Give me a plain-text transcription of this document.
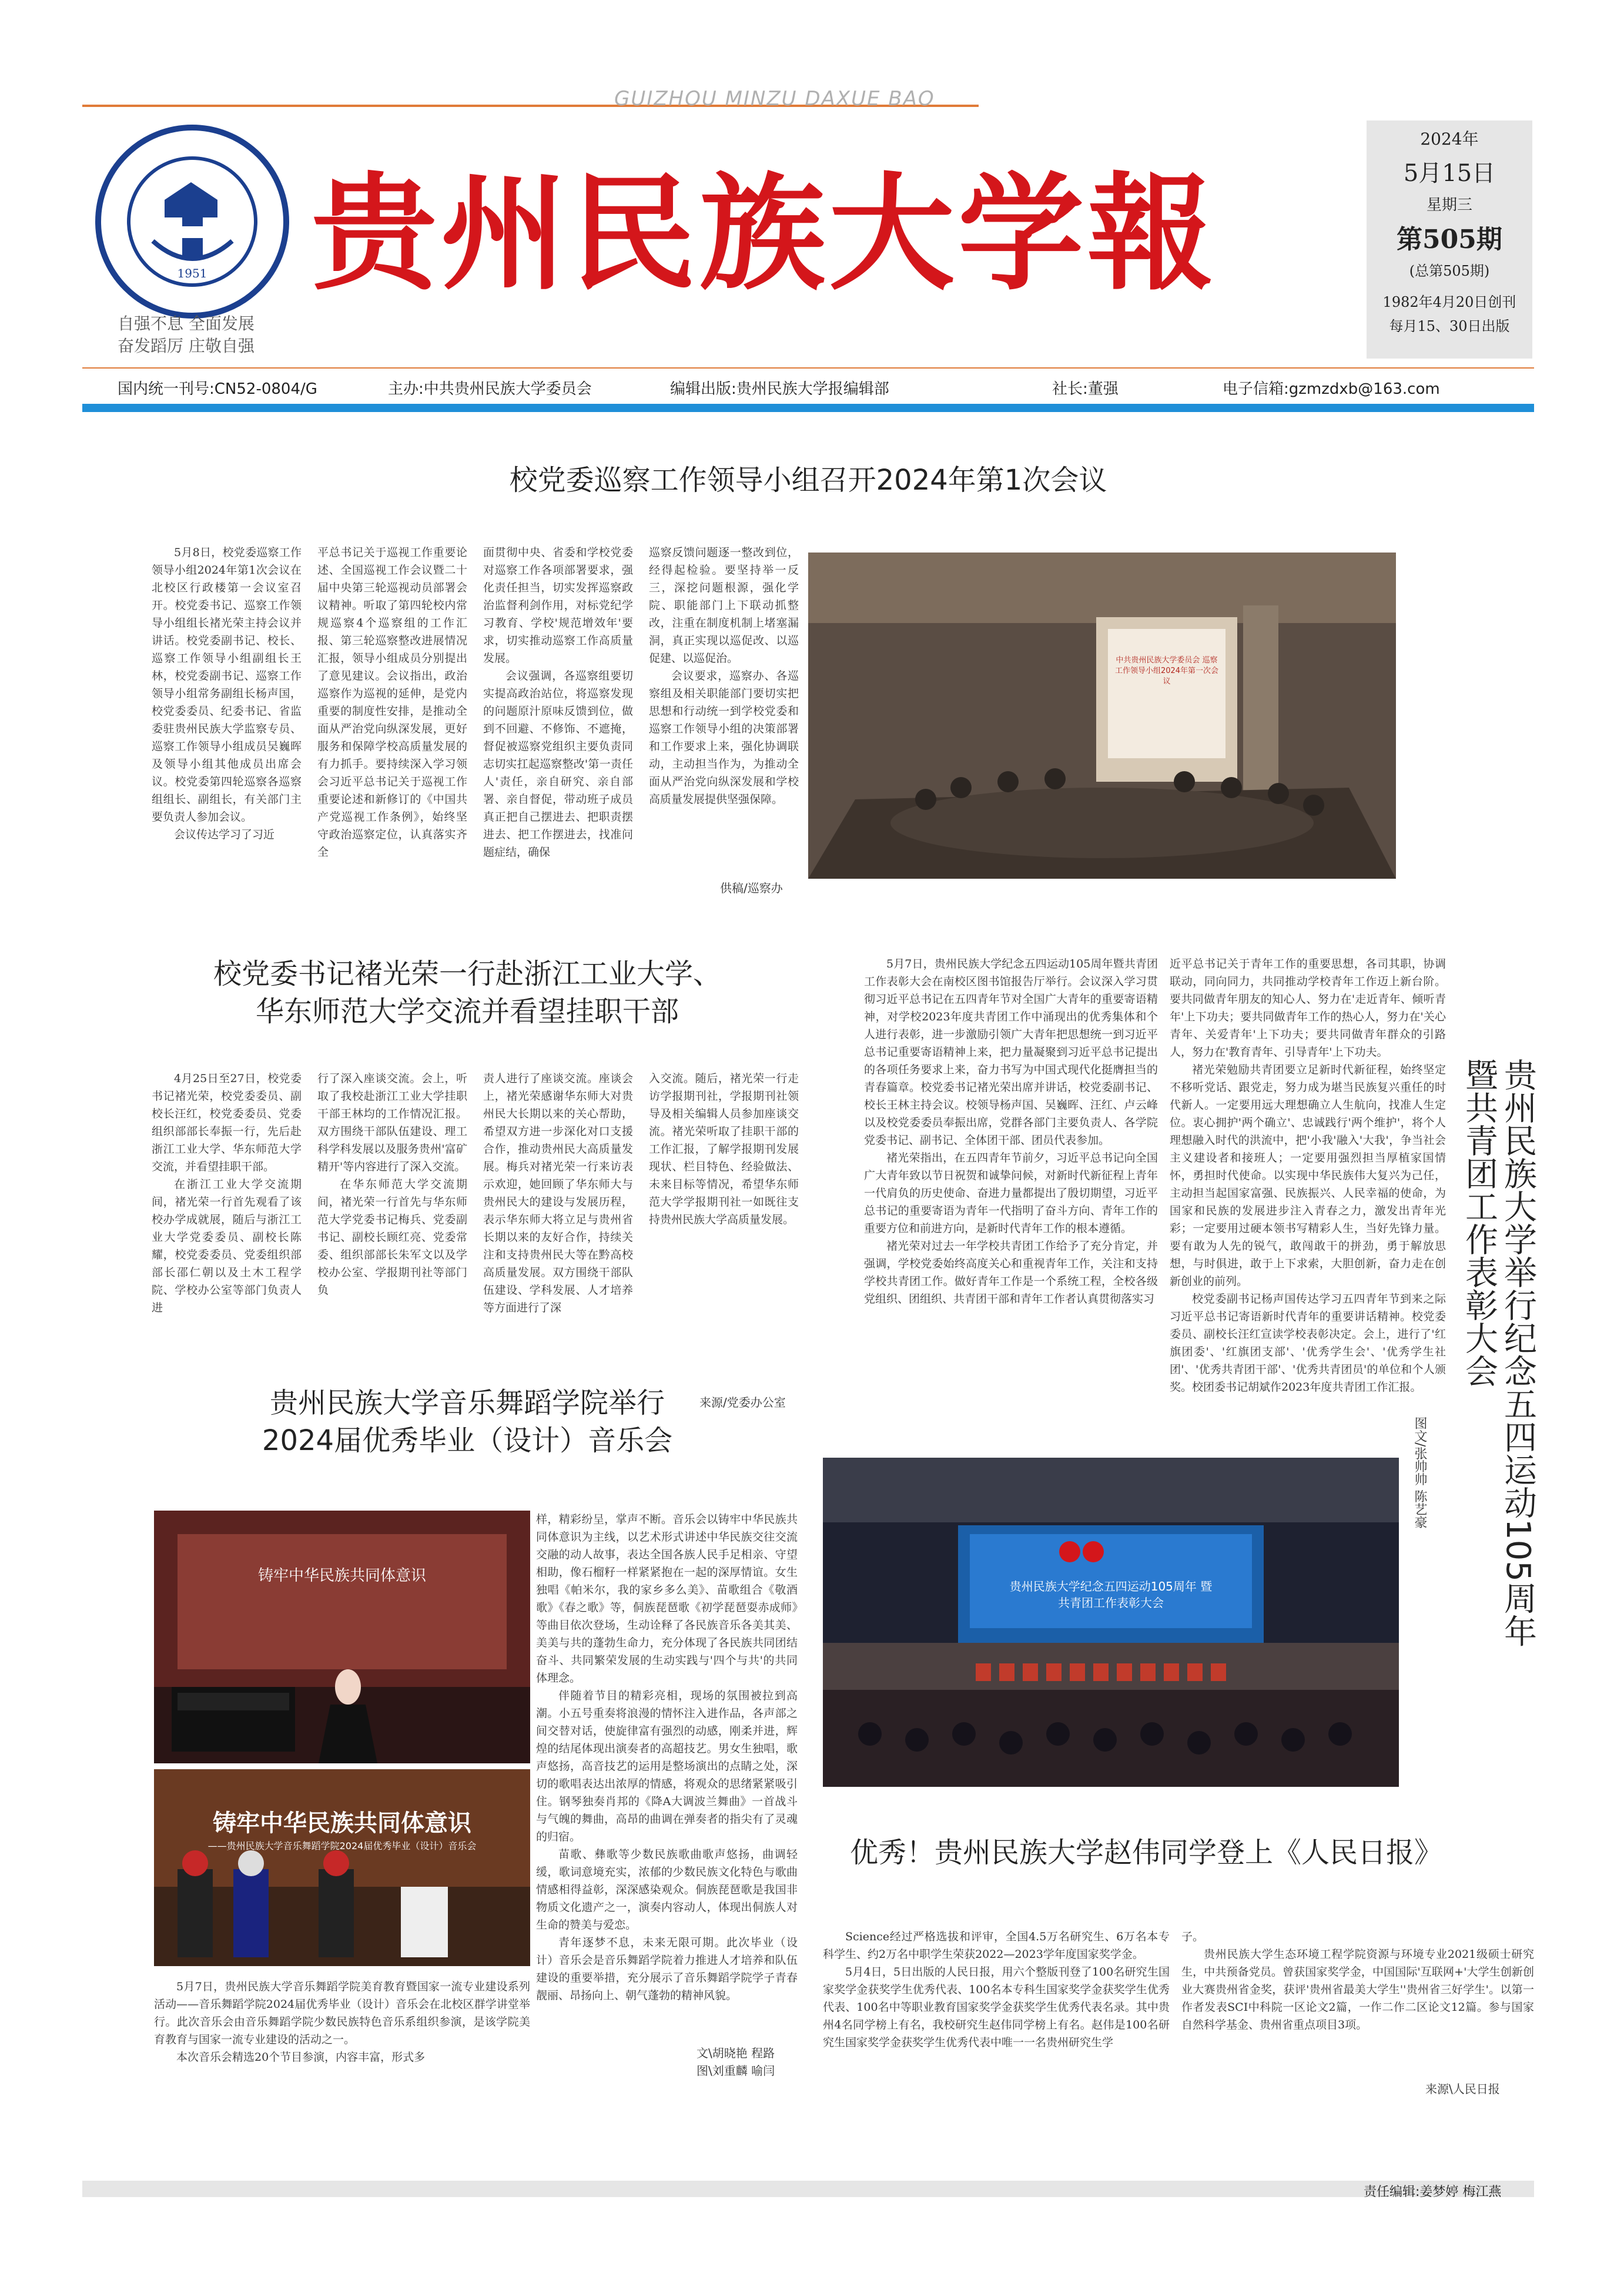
GUIZHOU MINZU DAXUE BAO
1951
自强不息 全面发展
奋发蹈厉 庄敬自强
贵州民族大学報
2024年
5月15日
星期三
第505期
(总第505期)
1982年4月20日创刊
每月15、30日出版
国内统一刊号:CN52-0804/G	主办:中共贵州民族大学委员会	编辑出版:贵州民族大学报编辑部	社长:董强	电子信箱:gzmzdxb@163.com
校党委巡察工作领导小组召开2024年第1次会议

5月8日，校党委巡察工作领导小组2024年第1次会议在北校区行政楼第一会议室召开。校党委书记、巡察工作领导小组组长褚光荣主持会议并讲话。校党委副书记、校长、巡察工作领导小组副组长王林，校党委副书记、巡察工作领导小组常务副组长杨声国，校党委委员、纪委书记、省监委驻贵州民族大学监察专员、巡察工作领导小组成员吴巍晖及领导小组其他成员出席会议。校党委第四轮巡察各巡察组组长、副组长，有关部门主要负责人参加会议。

会议传达学习了习近

平总书记关于巡视工作重要论述、全国巡视工作会议暨二十届中央第三轮巡视动员部署会议精神。听取了第四轮校内常规巡察4个巡察组的工作汇报、第三轮巡察整改进展情况汇报，领导小组成员分别提出了意见建议。会议指出，政治巡察作为巡视的延伸，是党内重要的制度性安排，是推动全面从严治党向纵深发展，更好服务和保障学校高质量发展的有力抓手。要持续深入学习领会习近平总书记关于巡视工作重要论述和新修订的《中国共产党巡视工作条例》，始终坚守政治巡察定位，认真落实齐全

面贯彻中央、省委和学校党委对巡察工作各项部署要求，强化责任担当，切实发挥巡察政治监督利剑作用，对标党纪学习教育、学校'规范增效年'要求，切实推动巡察工作高质量发展。

会议强调，各巡察组要切实提高政治站位，将巡察发现的问题原汁原味反馈到位，做到不回避、不修饰、不遮掩，督促被巡察党组织主要负责同志切实扛起巡察整改'第一责任人'责任，亲自研究、亲自部署、亲自督促，带动班子成员真正把自己摆进去、把职责摆进去、把工作摆进去，找准问题症结，确保

巡察反馈问题逐一整改到位，经得起检验。要坚持举一反三，深挖问题根源，强化学院、职能部门上下联动抓整改，注重在制度机制上堵塞漏洞，真正实现以巡促改、以巡促建、以巡促治。

会议要求，巡察办、各巡察组及相关职能部门要切实把思想和行动统一到学校党委和巡察工作领导小组的决策部署和工作要求上来，强化协调联动，主动担当作为，为推动全面从严治党向纵深发展和学校高质量发展提供坚强保障。

中共贵州民族大学委员会 巡察工作领导小组2024年第一次会议
供稿/巡察办
校党委书记褚光荣一行赴浙江工业大学、
华东师范大学交流并看望挂职干部

4月25日至27日，校党委书记褚光荣，校党委委员、副校长汪红，校党委委员、党委组织部部长奉振一行，先后赴浙江工业大学、华东师范大学交流，并看望挂职干部。

在浙江工业大学交流期间，褚光荣一行首先观看了该校办学成就展，随后与浙江工业大学党委委员、副校长陈耀，校党委委员、党委组织部部长邵仁朝以及土木工程学院、学校办公室等部门负责人进

行了深入座谈交流。会上，听取了我校赴浙江工业大学挂职干部王林均的工作情况汇报。双方围绕干部队伍建设、理工科学科发展以及服务贵州'富矿精开'等内容进行了深入交流。

在华东师范大学交流期间，褚光荣一行首先与华东师范大学党委书记梅兵、党委副书记、副校长顾红亮、党委常委、组织部部长朱军文以及学校办公室、学报期刊社等部门负

责人进行了座谈交流。座谈会上，褚光荣感谢华东师大对贵州民大长期以来的关心帮助，希望双方进一步深化对口支援合作，推动贵州民大高质量发展。梅兵对褚光荣一行来访表示欢迎，她回顾了华东师大与贵州民大的建设与发展历程，表示华东师大将立足与贵州省长期以来的友好合作，持续关注和支持贵州民大等在黔高校高质量发展。双方围绕干部队伍建设、学科发展、人才培养等方面进行了深

入交流。随后，褚光荣一行走访学报期刊社，学报期刊社领导及相关编辑人员参加座谈交流。褚光荣听取了挂职干部的工作汇报，了解学报期刊发展现状、栏目特色、经验做法、未来目标等情况，希望华东师范大学学报期刊社一如既往支持贵州民族大学高质量发展。

来源/党委办公室

5月7日，贵州民族大学纪念五四运动105周年暨共青团工作表彰大会在南校区图书馆报告厅举行。会议深入学习贯彻习近平总书记在五四青年节对全国广大青年的重要寄语精神，对学校2023年度共青团工作中涌现出的优秀集体和个人进行表彰，进一步激励引领广大青年把思想统一到习近平总书记重要寄语精神上来，把力量凝聚到习近平总书记提出的各项任务要求上来，奋力书写为中国式现代化挺膺担当的青春篇章。校党委书记褚光荣出席并讲话，校党委副书记、校长王林主持会议。校领导杨声国、吴巍晖、汪红、卢云峰以及校党委委员奉振出席，党群各部门主要负责人、各学院党委书记、副书记、全体团干部、团员代表参加。

褚光荣指出，在五四青年节前夕，习近平总书记向全国广大青年致以节日祝贺和诚挚问候，对新时代新征程上青年一代肩负的历史使命、奋进力量都提出了殷切期望，习近平总书记的重要寄语为青年一代指明了奋斗方向、青年工作的重要方位和前进方向，是新时代青年工作的根本遵循。

褚光荣对过去一年学校共青团工作给予了充分肯定，并强调，学校党委始终高度关心和重视青年工作，关注和支持学校共青团工作。做好青年工作是一个系统工程，全校各级党组织、团组织、共青团干部和青年工作者认真贯彻落实习

近平总书记关于青年工作的重要思想，各司其职，协调联动，同向同力，共同推动学校青年工作迈上新台阶。要共同做青年朋友的知心人、努力在'走近青年、倾听青年'上下功夫；要共同做青年工作的热心人，努力在'关心青年、关爱青年'上下功夫；要共同做青年群众的引路人，努力在'教育青年、引导青年'上下功夫。

褚光荣勉励共青团要立足新时代新征程，始终坚定不移听党话、跟党走，努力成为堪当民族复兴重任的时代新人。一定要用远大理想确立人生航向，找准人生定位。衷心拥护'两个确立'、忠诚践行'两个维护'，将个人理想融入时代的洪流中，把'小我'融入'大我'，争当社会主义建设者和接班人；一定要用强烈担当厚植家国情怀，勇担时代使命。以实现中华民族伟大复兴为己任，主动担当起国家富强、民族振兴、人民幸福的使命，为国家和民族的发展进步注入青春之力，激发出青年光彩；一定要用过硬本领书写精彩人生，当好先锋力量。要有敢为人先的锐气，敢闯敢干的拼劲，勇于解放思想，与时俱进，敢于上下求索，大胆创新，奋力走在创新创业的前列。

校党委副书记杨声国传达学习五四青年节到来之际习近平总书记寄语新时代青年的重要讲话精神。校党委委员、副校长汪红宣读学校表彰决定。会上，进行了'红旗团委'、'红旗团支部'、'优秀学生会'、'优秀学生社团'、'优秀共青团干部'、'优秀共青团员'的单位和个人颁奖。校团委书记胡斌作2023年度共青团工作汇报。	贵州民族大学举行纪念五四运动105周年
暨共青团工作表彰大会
图文/张帅帅 陈艺豪
贵州民族大学纪念五四运动105周年 暨共青团工作表彰大会
贵州民族大学音乐舞蹈学院举行
2024届优秀毕业（设计）音乐会
铸牢中华民族共同体意识
铸牢中华民族共同体意识
——贵州民族大学音乐舞蹈学院2024届优秀毕业（设计）音乐会

样，精彩纷呈，掌声不断。音乐会以铸牢中华民族共同体意识为主线，以艺术形式讲述中华民族交往交流交融的动人故事，表达全国各族人民手足相亲、守望相助，像石榴籽一样紧紧抱在一起的深厚情谊。女生独唱《帕米尔，我的家乡多么美》、苗歌组合《敬酒歌》《春之歌》等，侗族琵琶歌《初学琵琶耍赤成师》等曲目依次登场，生动诠释了各民族音乐各美其美、美美与共的蓬勃生命力，充分体现了各民族共同团结奋斗、共同繁荣发展的生动实践与'四个与共'的共同体理念。

伴随着节目的精彩亮相，现场的氛围被拉到高潮。小五号重奏将浪漫的情怀注入进作品，各声部之间交替对话，使旋律富有强烈的动感，刚柔并进，辉煌的结尾体现出演奏者的高超技艺。男女生独唱，歌声悠扬，高音技艺的运用是整场演出的点睛之处，深切的歌唱表达出浓厚的情感，将观众的思绪紧紧吸引住。钢琴独奏肖邦的《降A大调波兰舞曲》一首战斗与气魄的舞曲，高昂的曲调在弹奏者的指尖有了灵魂的归宿。

苗歌、彝歌等少数民族歌曲歌声悠扬，曲调轻缓，歌词意境充实，浓郁的少数民族文化特色与歌曲情感相得益彰，深深感染观众。侗族琵琶歌是我国非物质文化遗产之一，演奏内容动人，体现出侗族人对生命的赞美与爱恋。

青年逐梦不息，未来无限可期。此次毕业（设计）音乐会是音乐舞蹈学院着力推进人才培养和队伍建设的重要举措，充分展示了音乐舞蹈学院学子青春靓丽、昂扬向上、朝气蓬勃的精神风貌。

5月7日，贵州民族大学音乐舞蹈学院美育教育暨国家一流专业建设系列活动——音乐舞蹈学院2024届优秀毕业（设计）音乐会在北校区群学讲堂举行。此次音乐会由音乐舞蹈学院少数民族特色音乐系组织参演，是该学院美育教育与国家一流专业建设的活动之一。

本次音乐会精选20个节目参演，内容丰富，形式多	文\胡晓艳 程路
图\刘重麟 喻闫
优秀！贵州民族大学赵伟同学登上《人民日报》

Science经过严格选拔和评审，全国4.5万名研究生、6万名本专科学生、约2万名中职学生荣获2022—2023学年度国家奖学金。

5月4日，5日出版的人民日报，用六个整版刊登了100名研究生国家奖学金获奖学生优秀代表、100名本专科生国家奖学金获奖学生优秀代表、100名中等职业教育国家奖学金获奖学生优秀代表名录。其中贵州4名同学榜上有名，我校研究生赵伟同学榜上有名。赵伟是100名研究生国家奖学金获奖学生优秀代表中唯一一名贵州研究生学

子。

贵州民族大学生态环境工程学院资源与环境专业2021级硕士研究生，中共预备党员。曾获国家奖学金，中国国际'互联网+'大学生创新创业大赛贵州省金奖，获评'贵州省最美大学生''贵州省三好学生'。以第一作者发表SCI中科院一区论文2篇，一作二作二区论文12篇。参与国家自然科学基金、贵州省重点项目3项。

来源\人民日报
责任编辑:姜梦婷 梅江燕
